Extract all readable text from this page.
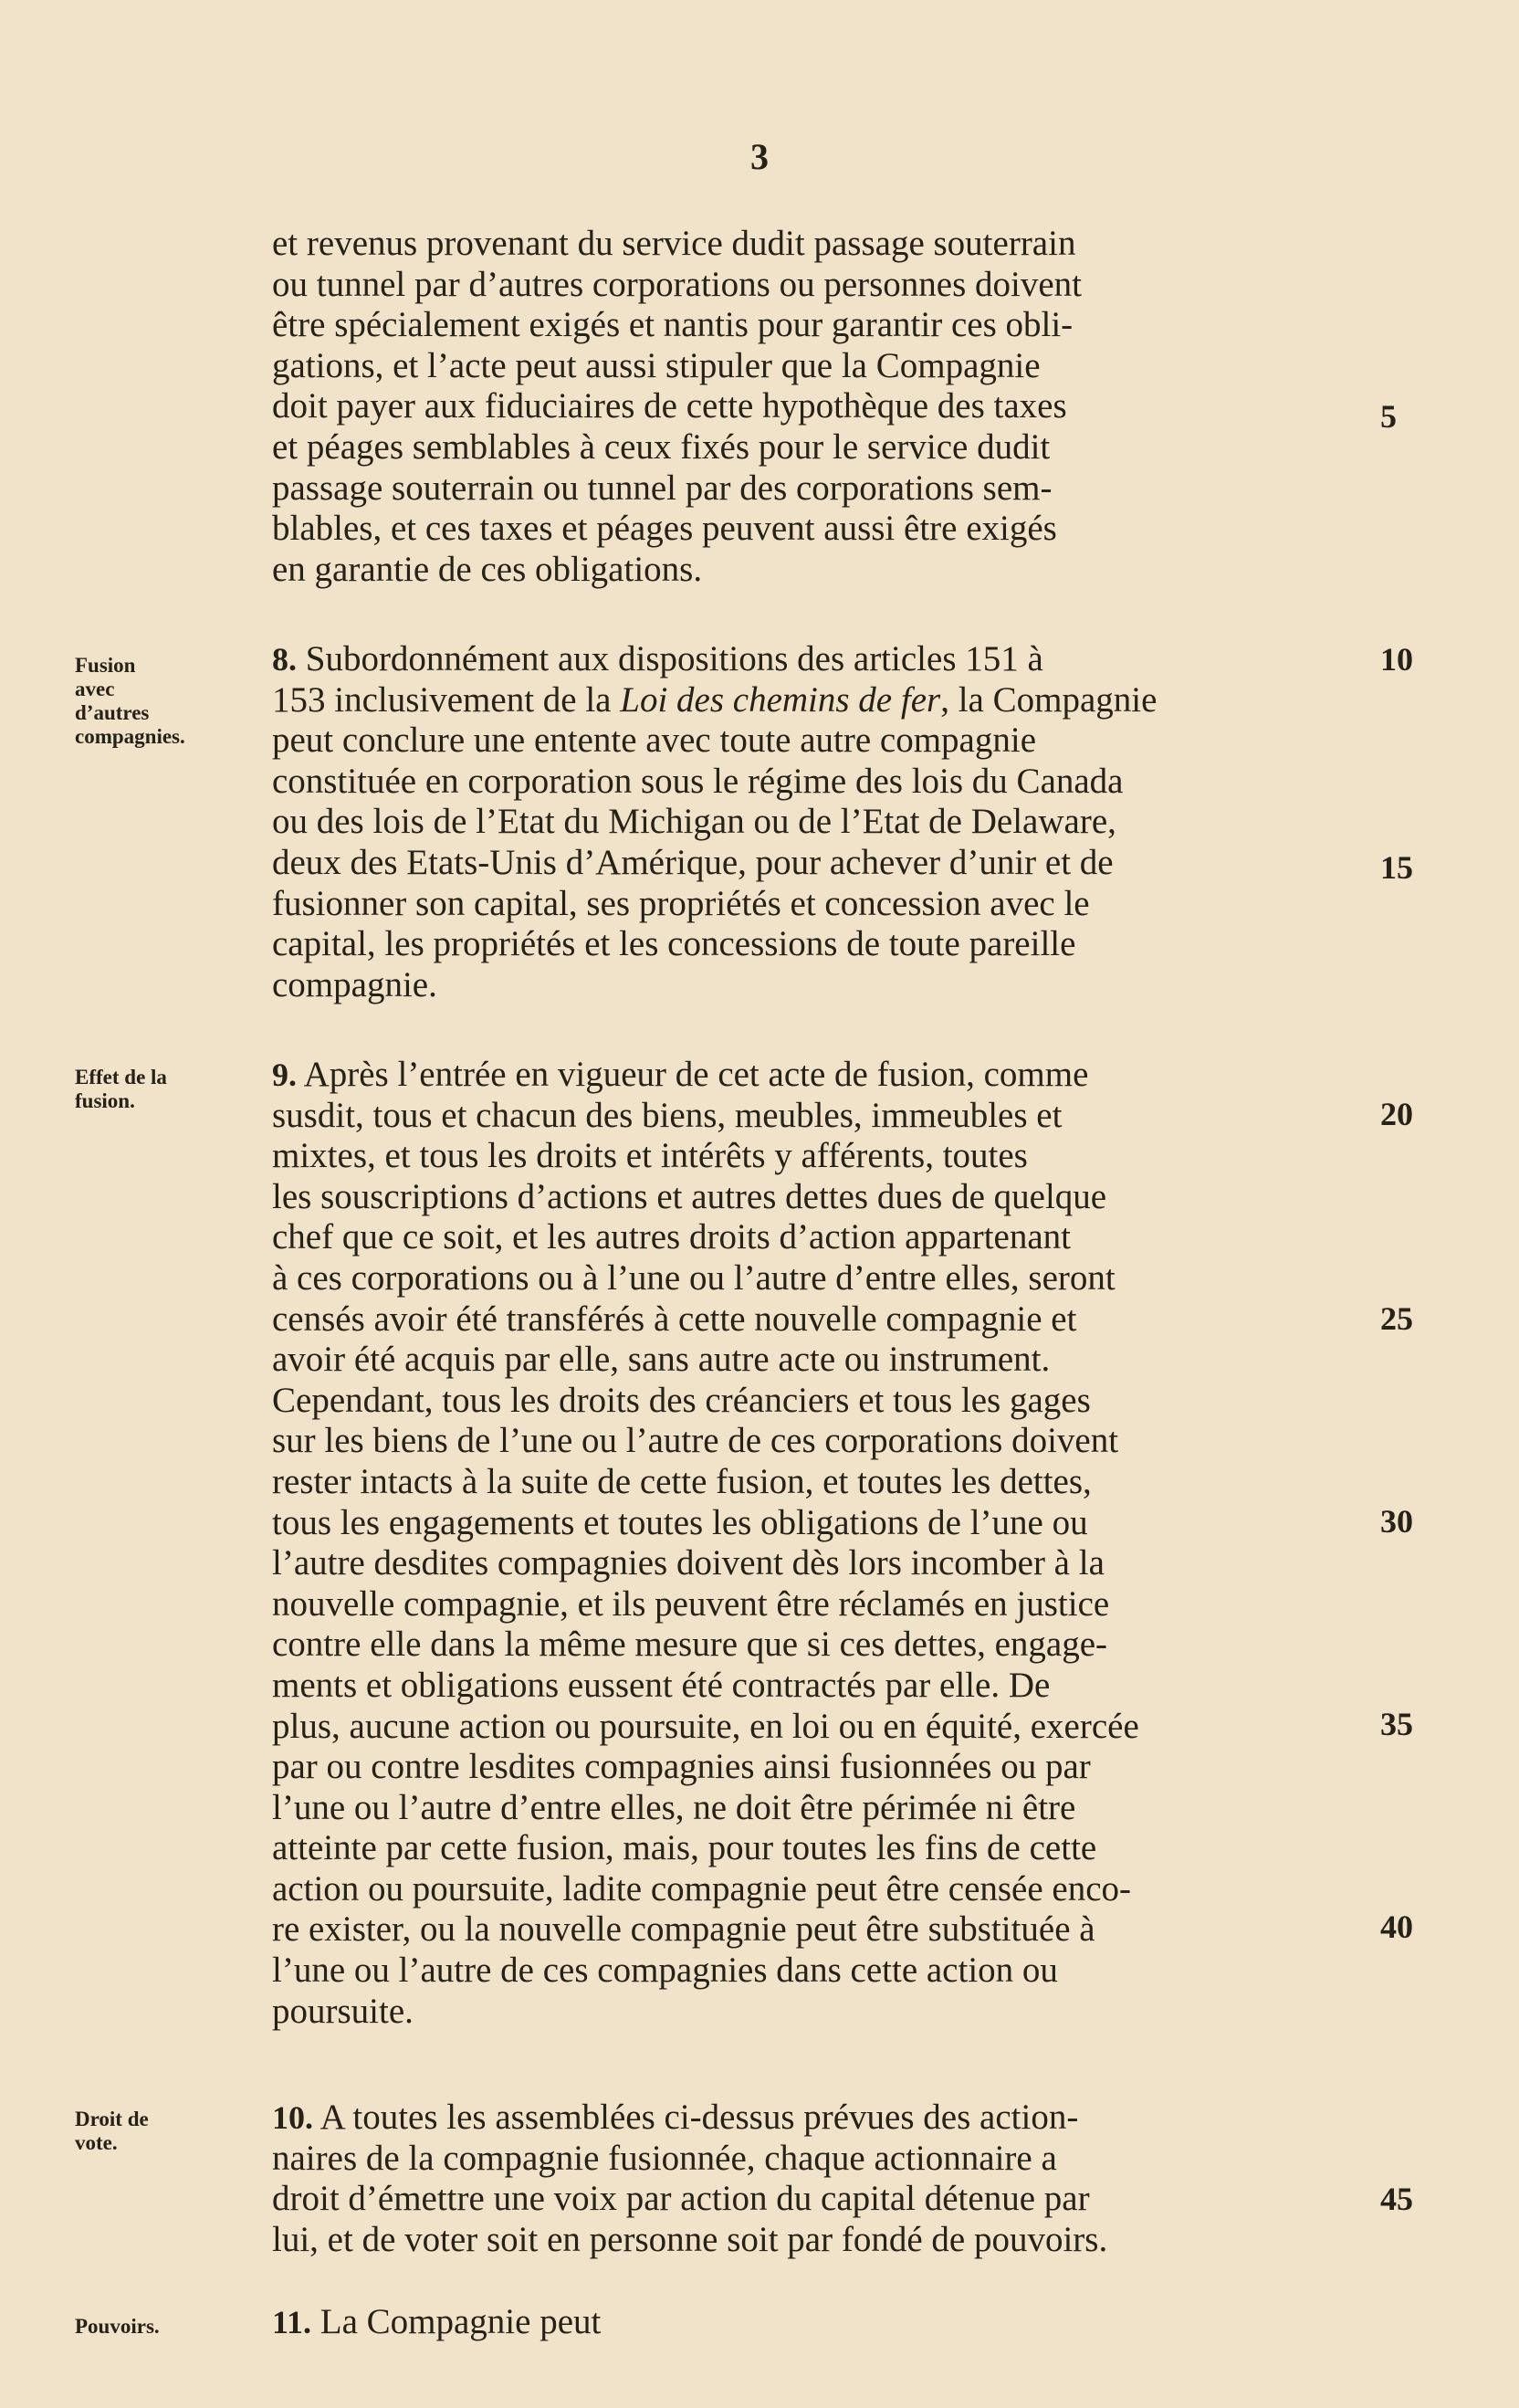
3
et revenus provenant du service dudit passage souterrain
ou tunnel par d’autres corporations ou personnes doivent
être spécialement exigés et nantis pour garantir ces obli-
gations, et l’acte peut aussi stipuler que la Compagnie
doit payer aux fiduciaires de cette hypothèque des taxes
et péages semblables à ceux fixés pour le service dudit
passage souterrain ou tunnel par des corporations sem-
blables, et ces taxes et péages peuvent aussi être exigés
en garantie de ces obligations.
Fusion
avec
d’autres
compagnies.
8. Subordonnément aux dispositions des articles 151 à
153 inclusivement de la Loi des chemins de fer, la Compagnie
peut conclure une entente avec toute autre compagnie
constituée en corporation sous le régime des lois du Canada
ou des lois de l’Etat du Michigan ou de l’Etat de Delaware,
deux des Etats-Unis d’Amérique, pour achever d’unir et de
fusionner son capital, ses propriétés et concession avec le
capital, les propriétés et les concessions de toute pareille
compagnie.
Effet de la
fusion.
9. Après l’entrée en vigueur de cet acte de fusion, comme
susdit, tous et chacun des biens, meubles, immeubles et
mixtes, et tous les droits et intérêts y afférents, toutes
les souscriptions d’actions et autres dettes dues de quelque
chef que ce soit, et les autres droits d’action appartenant
à ces corporations ou à l’une ou l’autre d’entre elles, seront
censés avoir été transférés à cette nouvelle compagnie et
avoir été acquis par elle, sans autre acte ou instrument.
Cependant, tous les droits des créanciers et tous les gages
sur les biens de l’une ou l’autre de ces corporations doivent
rester intacts à la suite de cette fusion, et toutes les dettes,
tous les engagements et toutes les obligations de l’une ou
l’autre desdites compagnies doivent dès lors incomber à la
nouvelle compagnie, et ils peuvent être réclamés en justice
contre elle dans la même mesure que si ces dettes, engage-
ments et obligations eussent été contractés par elle. De
plus, aucune action ou poursuite, en loi ou en équité, exercée
par ou contre lesdites compagnies ainsi fusionnées ou par
l’une ou l’autre d’entre elles, ne doit être périmée ni être
atteinte par cette fusion, mais, pour toutes les fins de cette
action ou poursuite, ladite compagnie peut être censée enco-
re exister, ou la nouvelle compagnie peut être substituée à
l’une ou l’autre de ces compagnies dans cette action ou
poursuite.
Droit de
vote.
10. A toutes les assemblées ci-dessus prévues des action-
naires de la compagnie fusionnée, chaque actionnaire a
droit d’émettre une voix par action du capital détenue par
lui, et de voter soit en personne soit par fondé de pouvoirs.
Pouvoirs.	11. La Compagnie peut
5
10
15
20
25
30
35
40
45
